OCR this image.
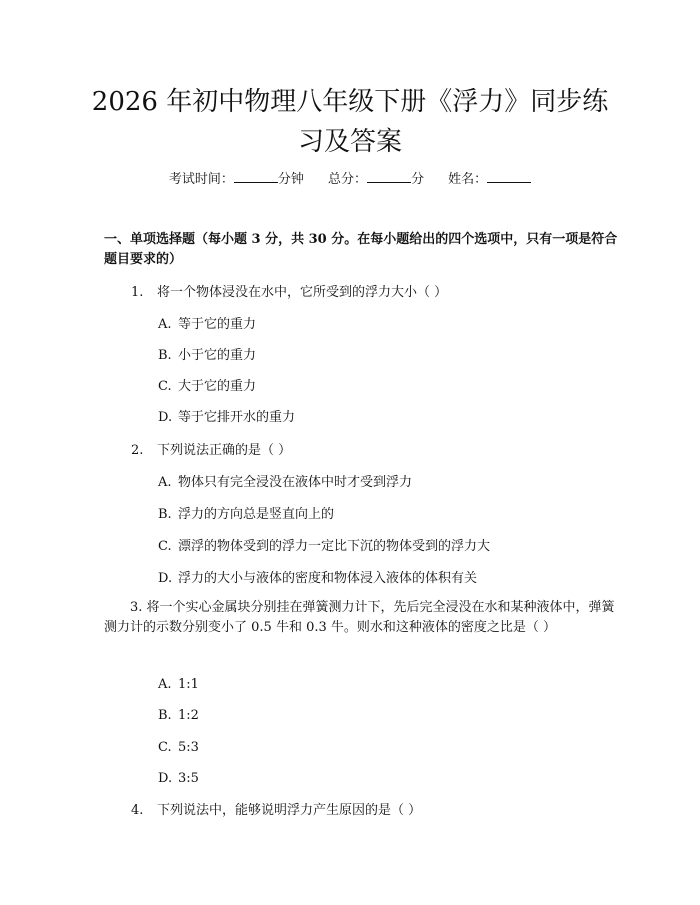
2026 年初中物理八年级下册《浮力》同步练习及答案
考试时间：	分钟 总分：	分 姓名：

一、单项选择题（每小题 3 分，共 30 分。在每小题给出的四个选项中，只有一项是符合题目要求的）

1. 将一个物体浸没在水中，它所受到的浮力大小（ ）
A. 等于它的重力
B. 小于它的重力
C. 大于它的重力
D. 等于它排开水的重力
2. 下列说法正确的是（ ）
A. 物体只有完全浸没在液体中时才受到浮力
B. 浮力的方向总是竖直向上的
C. 漂浮的物体受到的浮力一定比下沉的物体受到的浮力大
D. 浮力的大小与液体的密度和物体浸入液体的体积有关
3. 将一个实心金属块分别挂在弹簧测力计下，先后完全浸没在水和某种液体中，弹簧测力计的示数分别变小了 0.5 牛和 0.3 牛。则水和这种液体的密度之比是（ ）
A. 1:1
B. 1:2
C. 5:3
D. 3:5
4. 下列说法中，能够说明浮力产生原因的是（ ）
